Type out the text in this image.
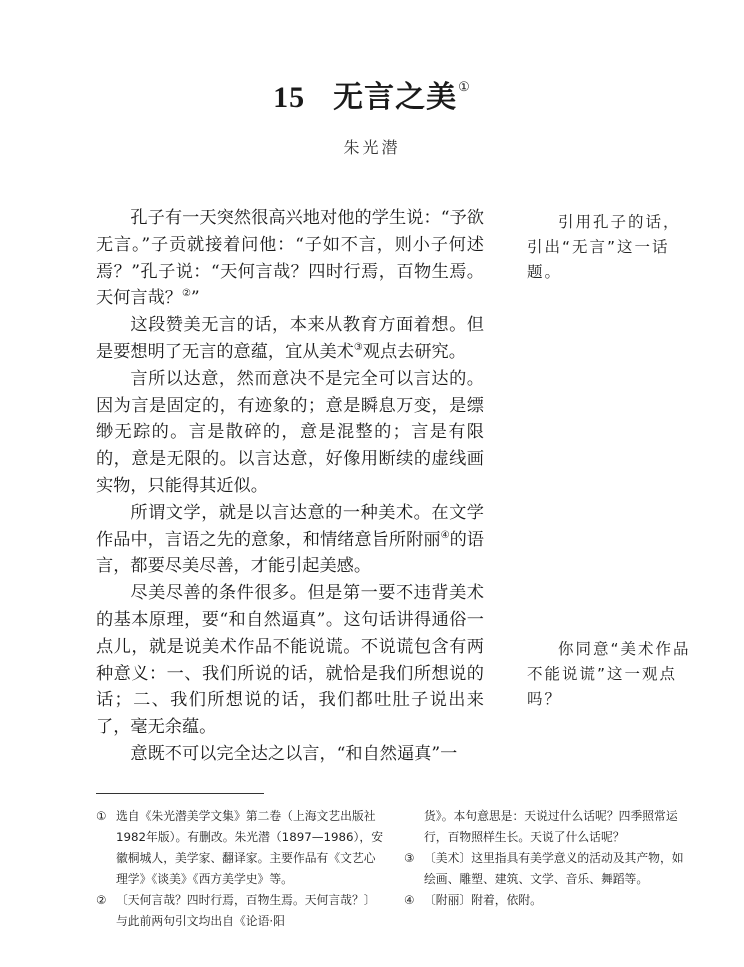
15 无言之美①
朱光潜

孔子有一天突然很高兴地对他的学生说：“予欲无言。”子贡就接着问他：“子如不言，则小子何述焉？”孔子说：“天何言哉？四时行焉，百物生焉。天何言哉？②”

这段赞美无言的话，本来从教育方面着想。但是要想明了无言的意蕴，宜从美术③观点去研究。

言所以达意，然而意决不是完全可以言达的。因为言是固定的，有迹象的；意是瞬息万变，是缥缈无踪的。言是散碎的，意是混整的；言是有限的，意是无限的。以言达意，好像用断续的虚线画实物，只能得其近似。

所谓文学，就是以言达意的一种美术。在文学作品中，言语之先的意象，和情绪意旨所附丽④的语言，都要尽美尽善，才能引起美感。

尽美尽善的条件很多。但是第一要不违背美术的基本原理，要“和自然逼真”。这句话讲得通俗一点儿，就是说美术作品不能说谎。不说谎包含有两种意义：一、我们所说的话，就恰是我们所想说的话；二、我们所想说的话，我们都吐肚子说出来了，毫无余蕴。

意既不可以完全达之以言，“和自然逼真”一

引用孔子的话，引出“无言”这一话题。

你同意“美术作品不能说谎”这一观点吗？

① 选自《朱光潜美学文集》第二卷（上海文艺出版社1982年版）。有删改。朱光潜（1897—1986），安徽桐城人，美学家、翻译家。主要作品有《文艺心理学》《谈美》《西方美学史》等。

② 〔天何言哉？四时行焉，百物生焉。天何言哉？〕与此前两句引文均出自《论语·阳

货》。本句意思是：天说过什么话呢？四季照常运行，百物照样生长。天说了什么话呢？

③ 〔美术〕这里指具有美学意义的活动及其产物，如绘画、雕塑、建筑、文学、音乐、舞蹈等。

④ 〔附丽〕附着，依附。
